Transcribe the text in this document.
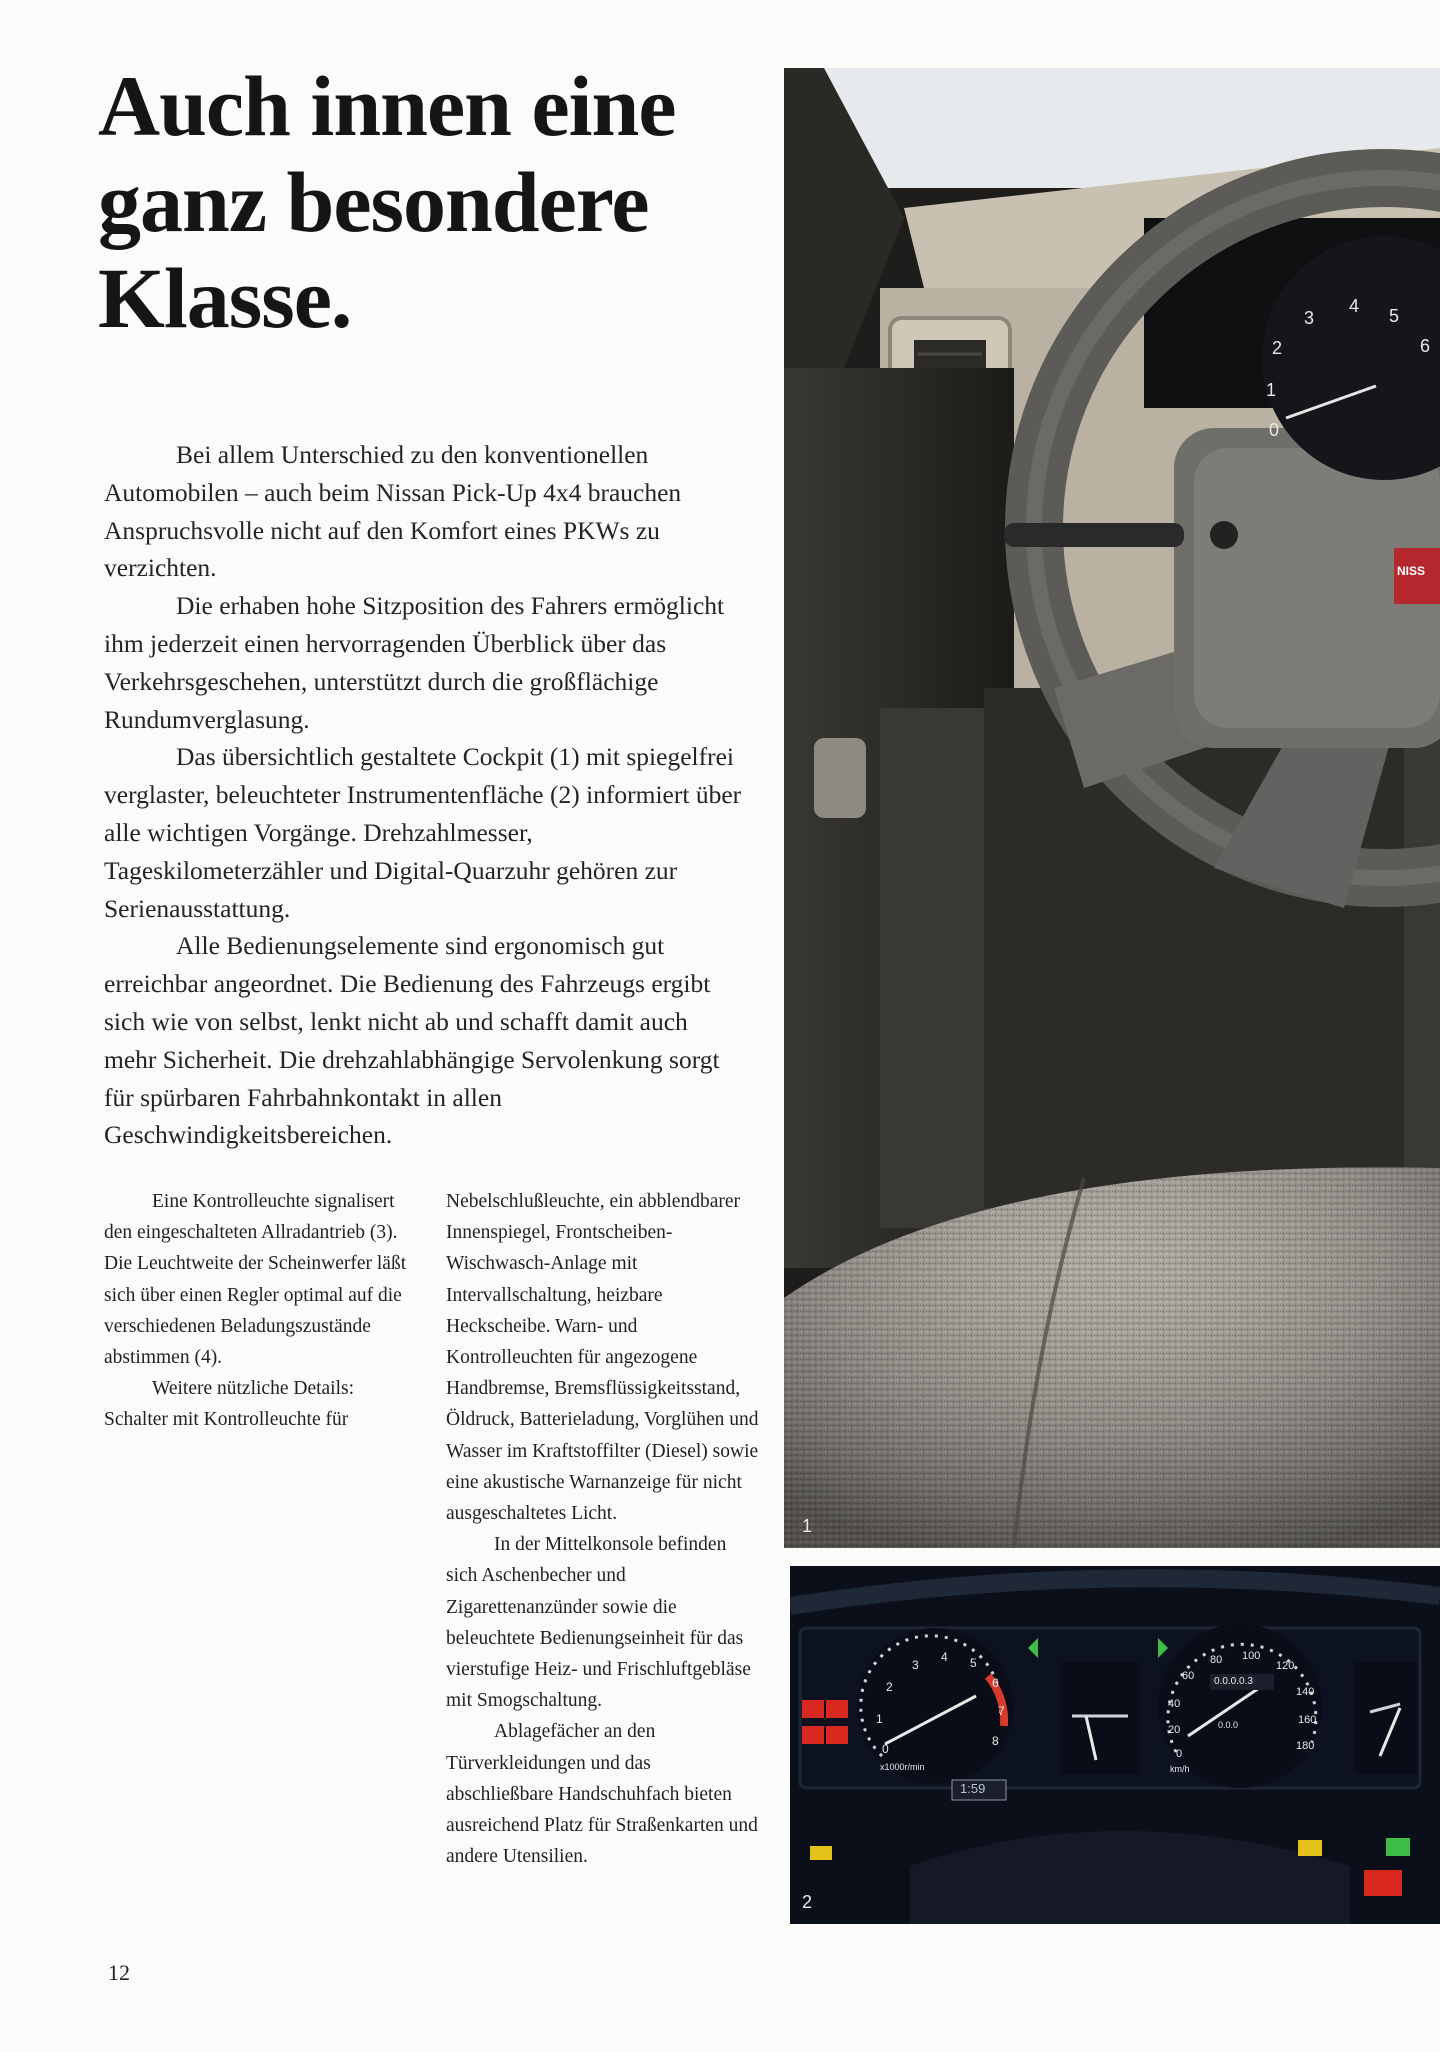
Auch innen eine
ganz besondere
Klasse.

Bei allem Unterschied zu den konventionellen Automobilen – auch beim Nissan Pick-Up 4x4 brauchen Anspruchsvolle nicht auf den Komfort eines PKWs zu verzichten.

Die erhaben hohe Sitzposition des Fahrers ermöglicht ihm jederzeit einen hervorragenden Überblick über das Verkehrsgeschehen, unterstützt durch die großflächige Rundumverglasung.

Das übersichtlich gestaltete Cockpit (1) mit spiegelfrei verglaster, beleuchteter Instrumentenfläche (2) informiert über alle wichtigen Vorgänge. Drehzahlmesser, Tageskilometerzähler und Digital-Quarzuhr gehören zur Serienausstattung.

Alle Bedienungselemente sind ergonomisch gut erreichbar angeordnet. Die Bedienung des Fahrzeugs ergibt sich wie von selbst, lenkt nicht ab und schafft damit auch mehr Sicherheit. Die drehzahlabhängige Servolenkung sorgt für spürbaren Fahrbahnkontakt in allen Geschwindigkeitsbereichen.

Eine Kontrolleuchte signalisert den eingeschalteten Allradantrieb (3). Die Leuchtweite der Scheinwerfer läßt sich über einen Regler optimal auf die verschiedenen Beladungszustände abstimmen (4).

Weitere nützliche Details: Schalter mit Kontrolleuchte für

Nebelschlußleuchte, ein abblendbarer Innenspiegel, Frontscheiben-Wischwasch-Anlage mit Intervallschaltung, heizbare Heckscheibe. Warn- und Kontrolleuchten für angezogene Handbremse, Bremsflüssigkeitsstand, Öldruck, Batterieladung, Vorglühen und Wasser im Kraftstoffilter (Diesel) sowie eine akustische Warnanzeige für nicht ausgeschaltetes Licht.

In der Mittelkonsole befinden sich Aschenbecher und Zigarettenanzünder sowie die beleuchtete Bedienungseinheit für das vierstufige Heiz- und Frischluftgebläse mit Smogschaltung.

Ablagefächer an den Türverkleidungen und das abschließbare Handschuhfach bieten ausreichend Platz für Straßenkarten und andere Utensilien.

12
0
1
2
3
4 5
6
NISS
1
0
1
2
3
4 5
6
7
8
x1000r/min
0
20
40
60
80 100
120
140
160
180
km/h
0.0.0.0.3
0.0.0
1:59
2
